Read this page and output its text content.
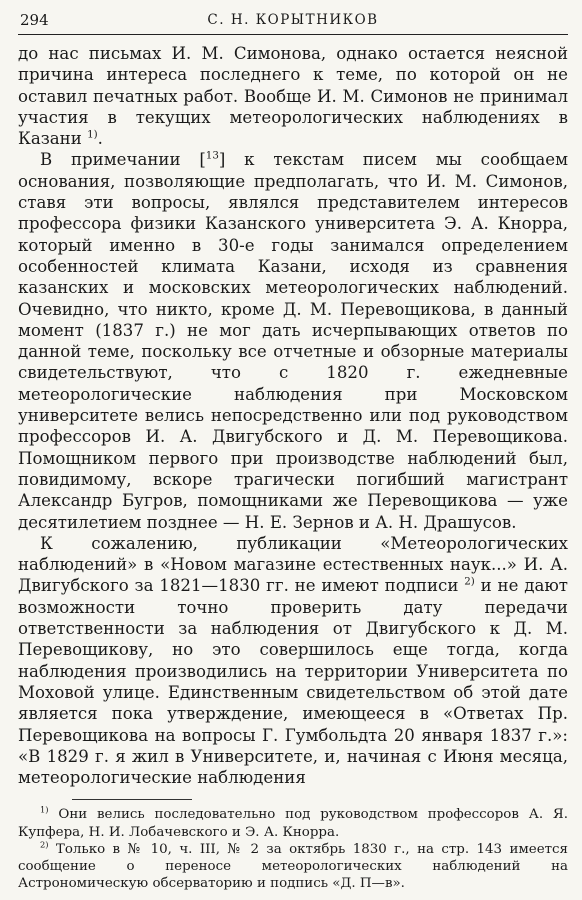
294	С. Н. КОРЫТНИКОВ

до нас письмах И. М. Симонова, однако остается неясной причина интереса последнего к теме, по которой он не оставил печатных работ. Вообще И. М. Симонов не принимал участия в текущих метеорологических наблюдениях в Казани $^{1)}$.

В примечании [$^{13}$] к текстам писем мы сообщаем основания, позволяющие предполагать, что И. М. Симонов, ставя эти вопросы, являлся представителем интересов профессора физики Казанского университета Э. А. Кнорра, который именно в 30-е годы занимался определением особенностей климата Казани, исходя из сравнения казанских и московских метеорологических наблюдений. Очевидно, что никто, кроме Д. М. Перевощикова, в данный момент (1837 г.) не мог дать исчерпывающих ответов по данной теме, поскольку все отчетные и обзорные материалы свидетельствуют, что с 1820 г. ежедневные метеорологические наблюдения при Московском университете велись непосредственно или под руководством профессоров И. А. Двигубского и Д. М. Перевощикова. Помощником первого при производстве наблюдений был, повидимому, вскоре трагически погибший магистрант Александр Бугров, помощниками же Перевощикова — уже десятилетием позднее — Н. Е. Зернов и А. Н. Драшусов.

К сожалению, публикации «Метеорологических наблюдений» в «Новом магазине естественных наук...» И. А. Двигубского за 1821—1830 гг. не имеют подписи $^{2)}$ и не дают возможности точно проверить дату передачи ответственности за наблюдения от Двигубского к Д. М. Перевощикову, но это совершилось еще тогда, когда наблюдения производились на территории Университета по Моховой улице. Единственным свидетельством об этой дате является пока утверждение, имеющееся в «Ответах Пр. Перевощикова на вопросы Г. Гумбольдта 20 января 1837 г.»: «В 1829 г. я жил в Университете, и, начиная с Июня месяца, метеорологические наблюдения

$^{1)}$ Они велись последовательно под руководством профессоров А. Я. Купфера, Н. И. Лобачевского и Э. А. Кнорра.

$^{2)}$ Только в № 10, ч. III, № 2 за октябрь 1830 г., на стр. 143 имеется сообщение о переносе метеорологических наблюдений на Астрономическую обсерваторию и подпись «Д. П—в».
